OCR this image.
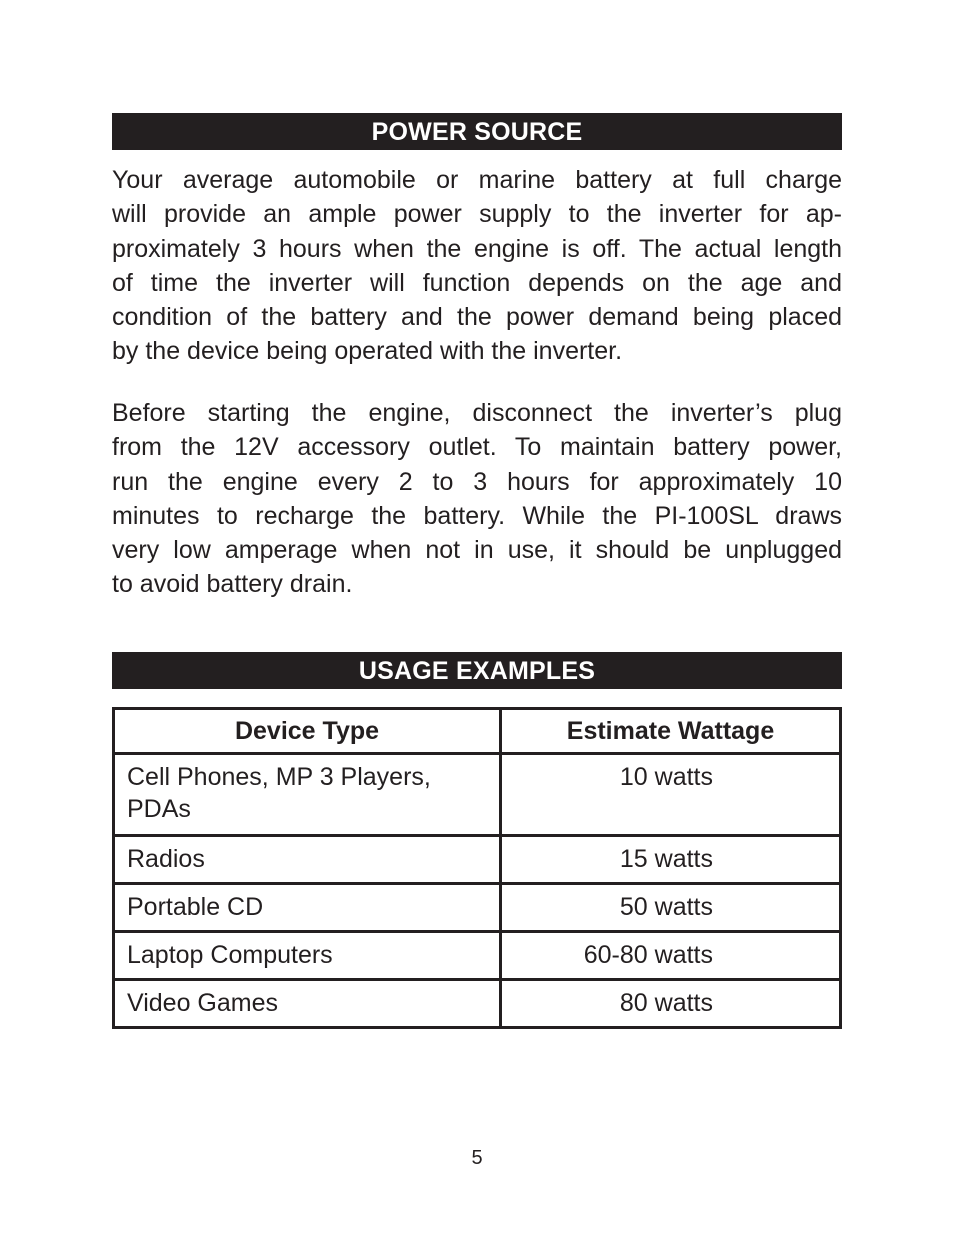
POWER SOURCE

Your average automobile or marine battery at full charge
will provide an ample power supply to the inverter for ap-
proximately 3 hours when the engine is off. The actual length
of time the inverter will function depends on the age and
condition of the battery and the power demand being placed
by the device being operated with the inverter.

Before starting the engine, disconnect the inverter’s plug
from the 12V accessory outlet. To maintain battery power,
run the engine every 2 to 3 hours for approximately 10
minutes to recharge the battery. While the PI-100SL draws
very low amperage when not in use, it should be unplugged
to avoid battery drain.

USAGE EXAMPLES
Device Type	Estimate Wattage
Cell Phones, MP 3 Players,
PDAs	10 watts
Radios	15 watts
Portable CD	50 watts
Laptop Computers	60-80 watts
Video Games	80 watts
5
